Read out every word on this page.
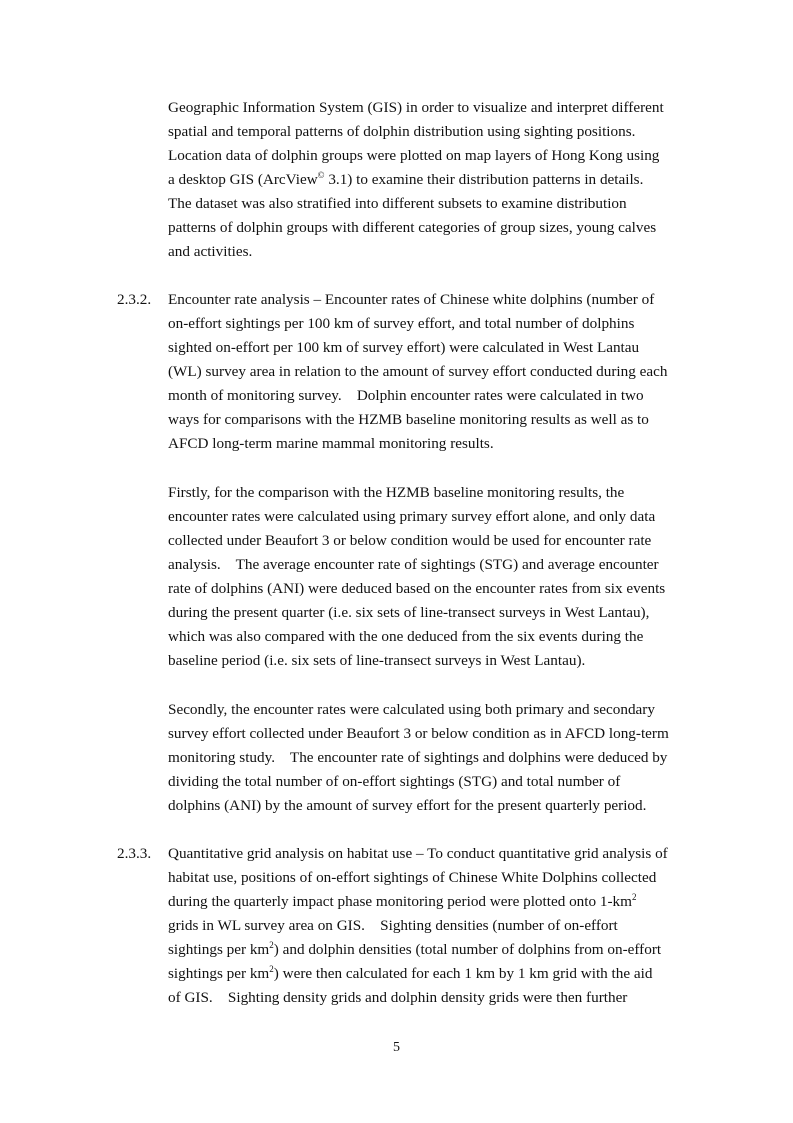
Geographic Information System (GIS) in order to visualize and interpret different
spatial and temporal patterns of dolphin distribution using sighting positions.
Location data of dolphin groups were plotted on map layers of Hong Kong using
a desktop GIS (ArcView© 3.1) to examine their distribution patterns in details.
The dataset was also stratified into different subsets to examine distribution
patterns of dolphin groups with different categories of group sizes, young calves
and activities.
2.3.2. Encounter rate analysis – Encounter rates of Chinese white dolphins (number of
on-effort sightings per 100 km of survey effort, and total number of dolphins
sighted on-effort per 100 km of survey effort) were calculated in West Lantau
(WL) survey area in relation to the amount of survey effort conducted during each
month of monitoring survey.    Dolphin encounter rates were calculated in two
ways for comparisons with the HZMB baseline monitoring results as well as to
AFCD long-term marine mammal monitoring results.
Firstly, for the comparison with the HZMB baseline monitoring results, the
encounter rates were calculated using primary survey effort alone, and only data
collected under Beaufort 3 or below condition would be used for encounter rate
analysis.    The average encounter rate of sightings (STG) and average encounter
rate of dolphins (ANI) were deduced based on the encounter rates from six events
during the present quarter (i.e. six sets of line-transect surveys in West Lantau),
which was also compared with the one deduced from the six events during the
baseline period (i.e. six sets of line-transect surveys in West Lantau).
Secondly, the encounter rates were calculated using both primary and secondary
survey effort collected under Beaufort 3 or below condition as in AFCD long-term
monitoring study.    The encounter rate of sightings and dolphins were deduced by
dividing the total number of on-effort sightings (STG) and total number of
dolphins (ANI) by the amount of survey effort for the present quarterly period.
2.3.3. Quantitative grid analysis on habitat use – To conduct quantitative grid analysis of
habitat use, positions of on-effort sightings of Chinese White Dolphins collected
during the quarterly impact phase monitoring period were plotted onto $1-km^2$
grids in WL survey area on GIS.    Sighting densities (number of on-effort
sightings per $km^2$) and dolphin densities (total number of dolphins from on-effort
sightings per $km^2$) were then calculated for each 1 km by 1 km grid with the aid
of GIS.    Sighting density grids and dolphin density grids were then further
5
